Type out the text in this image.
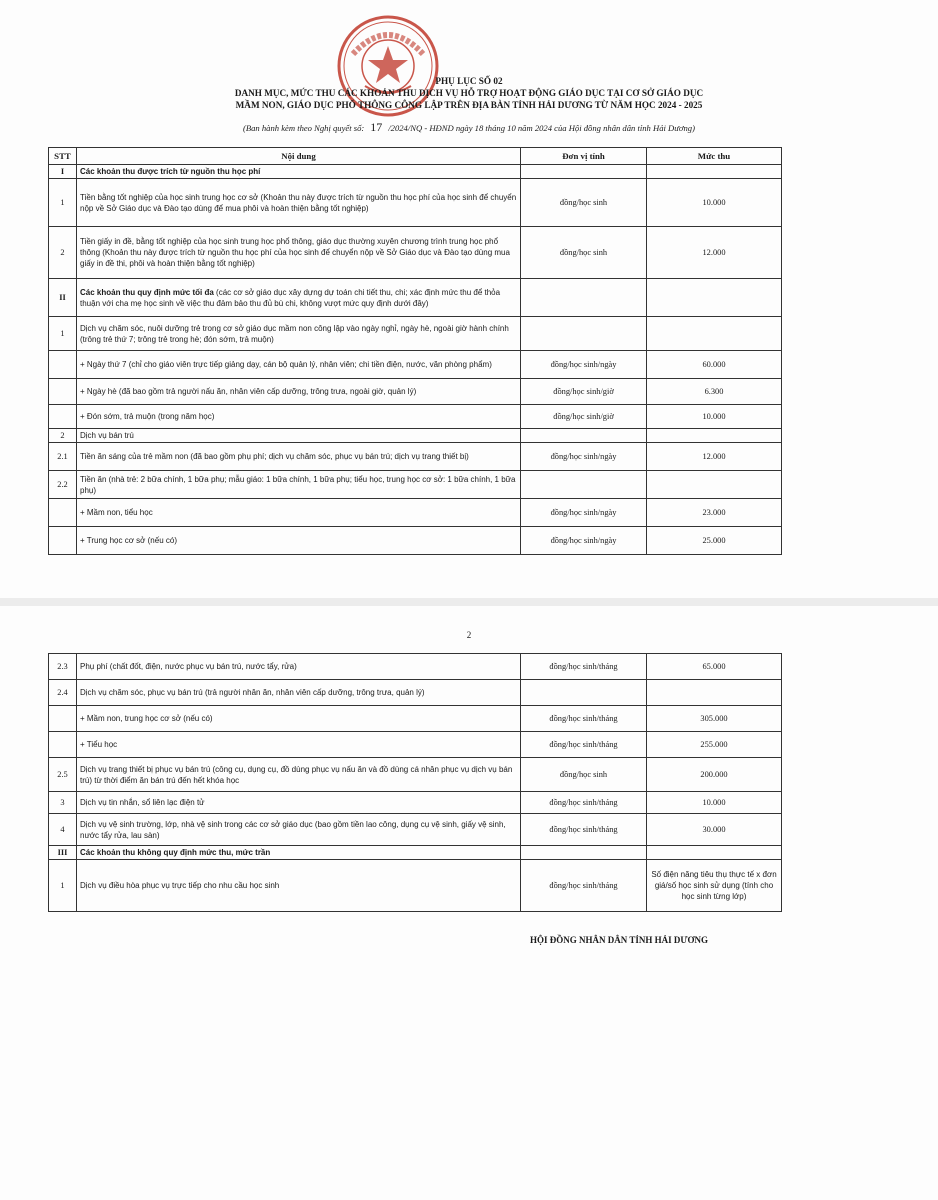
PHỤ LỤC SỐ 02
DANH MỤC, MỨC THU CÁC KHOẢN THU DỊCH VỤ HỖ TRỢ HOẠT ĐỘNG GIÁO DỤC TẠI CƠ SỞ GIÁO DỤC
MẦM NON, GIÁO DỤC PHỔ THÔNG CÔNG LẬP TRÊN ĐỊA BÀN TỈNH HẢI DƯƠNG TỪ NĂM HỌC 2024 - 2025
(Ban hành kèm theo Nghị quyết số: 17 /2024/NQ - HĐND ngày 18 tháng 10 năm 2024 của Hội đồng nhân dân tỉnh Hải Dương)
STT	Nội dung	Đơn vị tính	Mức thu
I	Các khoản thu được trích từ nguồn thu học phí		
1	Tiền bằng tốt nghiệp của học sinh trung học cơ sở (Khoản thu này được trích từ nguồn thu học phí của học sinh để chuyển nộp về Sở Giáo dục và Đào tạo dùng để mua phôi và hoàn thiện bằng tốt nghiệp)	đồng/học sinh	10.000
2	Tiền giấy in đề, bằng tốt nghiệp của học sinh trung học phổ thông, giáo dục thường xuyên chương trình trung học phổ thông (Khoản thu này được trích từ nguồn thu học phí của học sinh để chuyển nộp về Sở Giáo dục và Đào tạo dùng mua giấy in đề thi, phôi và hoàn thiện bằng tốt nghiệp)	đồng/học sinh	12.000
II	Các khoản thu quy định mức tối đa (các cơ sở giáo dục xây dựng dự toán chi tiết thu, chi; xác định mức thu để thỏa thuận với cha mẹ học sinh về việc thu đảm bảo thu đủ bù chi, không vượt mức quy định dưới đây)		
1	Dịch vụ chăm sóc, nuôi dưỡng trẻ trong cơ sở giáo dục mầm non công lập vào ngày nghỉ, ngày hè, ngoài giờ hành chính (trông trẻ thứ 7; trông trẻ trong hè; đón sớm, trả muộn)		
	+ Ngày thứ 7 (chỉ cho giáo viên trực tiếp giảng dạy, cán bộ quản lý, nhân viên; chi tiền điện, nước, văn phòng phẩm)	đồng/học sinh/ngày	60.000
	+ Ngày hè (đã bao gồm trả người nấu ăn, nhân viên cấp dưỡng, trông trưa, ngoài giờ, quản lý)	đồng/học sinh/giờ	6.300
	+ Đón sớm, trả muộn (trong năm học)	đồng/học sinh/giờ	10.000
2	Dịch vụ bán trú		
2.1	Tiền ăn sáng của trẻ mầm non (đã bao gồm phụ phí; dịch vụ chăm sóc, phục vụ bán trú; dịch vụ trang thiết bị)	đồng/học sinh/ngày	12.000
2.2	Tiền ăn (nhà trẻ: 2 bữa chính, 1 bữa phụ; mẫu giáo: 1 bữa chính, 1 bữa phụ; tiểu học, trung học cơ sở: 1 bữa chính, 1 bữa phụ)		
	+ Mầm non, tiểu học	đồng/học sinh/ngày	23.000
	+ Trung học cơ sở (nếu có)	đồng/học sinh/ngày	25.000
2
2.3	Phụ phí (chất đốt, điện, nước phục vụ bán trú, nước tẩy, rửa)	đồng/học sinh/tháng	65.000
2.4	Dịch vụ chăm sóc, phục vụ bán trú (trả người nhân ăn, nhân viên cấp dưỡng, trông trưa, quản lý)		
	+ Mầm non, trung học cơ sở (nếu có)	đồng/học sinh/tháng	305.000
	+ Tiểu học	đồng/học sinh/tháng	255.000
2.5	Dịch vụ trang thiết bị phục vụ bán trú (công cụ, dụng cụ, đồ dùng phục vụ nấu ăn và đồ dùng cá nhân phục vụ dịch vụ bán trú) từ thời điểm ăn bán trú đến hết khóa học	đồng/học sinh	200.000
3	Dịch vụ tin nhắn, sổ liên lạc điện tử	đồng/học sinh/tháng	10.000
4	Dịch vụ vệ sinh trường, lớp, nhà vệ sinh trong các cơ sở giáo dục (bao gồm tiền lao công, dụng cụ vệ sinh, giấy vệ sinh, nước tẩy rửa, lau sàn)	đồng/học sinh/tháng	30.000
III	Các khoản thu không quy định mức thu, mức trần		
1	Dịch vụ điều hòa phục vụ trực tiếp cho nhu cầu học sinh	đồng/học sinh/tháng	Số điện năng tiêu thụ thực tế x đơn giá/số học sinh sử dụng (tính cho học sinh từng lớp)
HỘI ĐỒNG NHÂN DÂN TỈNH HẢI DƯƠNG
